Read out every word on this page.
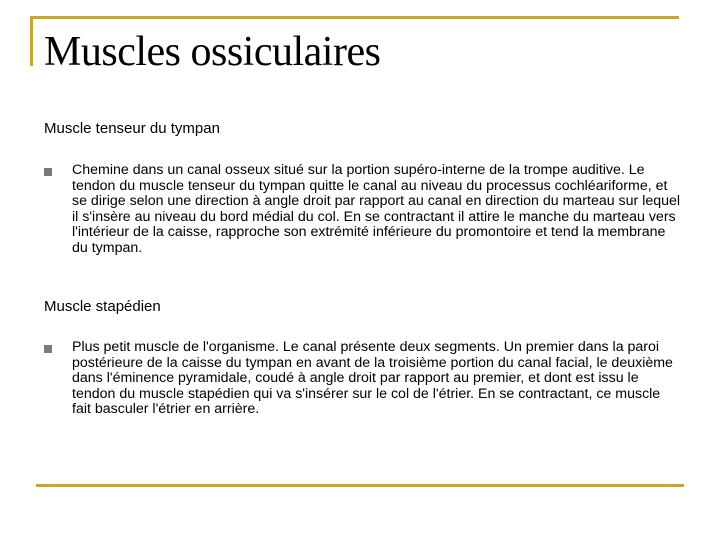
Muscles ossiculaires
Muscle tenseur du tympan
Chemine dans un canal osseux situé sur la portion supéro-interne de la trompe auditive. Le tendon du muscle tenseur du tympan quitte le canal au niveau du processus cochléariforme, et se dirige selon une direction à angle droit par rapport au canal en direction du marteau sur lequel il s'insère au niveau du bord médial du col. En se contractant il attire le manche du marteau vers l'intérieur de la caisse, rapproche son extrémité inférieure du promontoire et tend la membrane du tympan.
Muscle stapédien
Plus petit muscle de l'organisme. Le canal présente deux segments. Un premier dans la paroi postérieure de la caisse du tympan en avant de la troisième portion du canal facial, le deuxième dans l'éminence pyramidale, coudé à angle droit par rapport au premier, et dont est issu le tendon du muscle stapédien qui va s'insérer sur le col de l'étrier. En se contractant, ce muscle fait basculer l'étrier en arrière.
